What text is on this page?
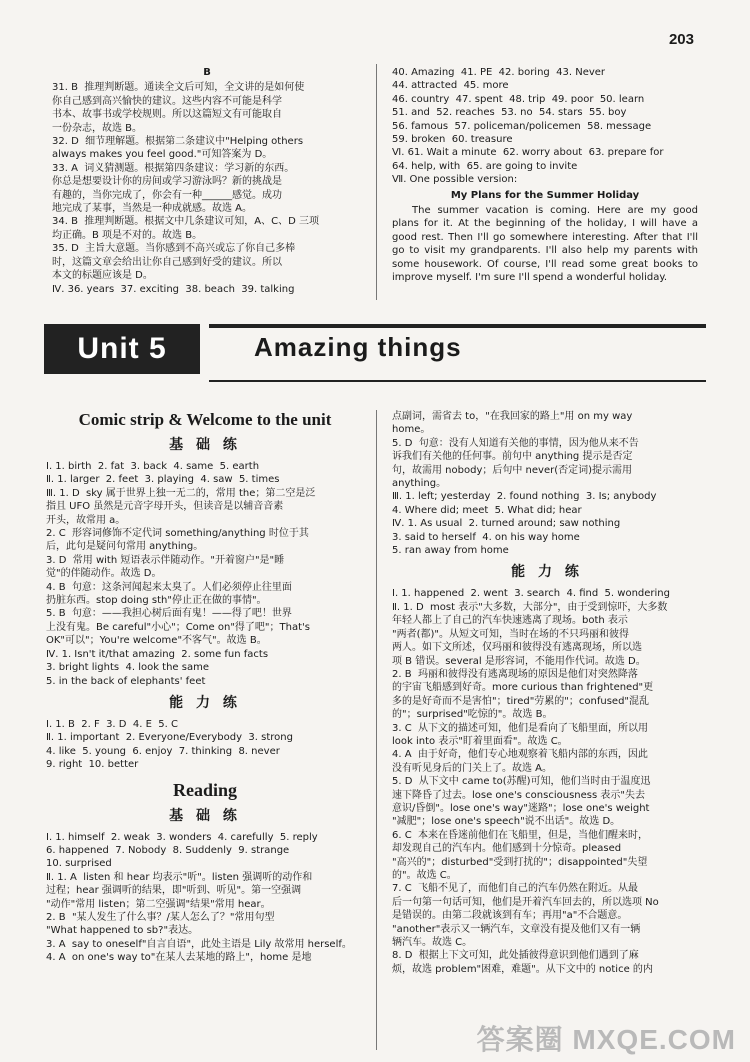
203
B

31. B  推理判断题。通读全文后可知，全文讲的是如何使

你自己感到高兴愉快的建议。这些内容不可能是科学

书本、故事书或学校规则。所以这篇短文有可能取自

一份杂志，故选 B。

32. D  细节理解题。根据第二条建议中"Helping others

always makes you feel good."可知答案为 D。

33. A  词义猜测题。根据第四条建议：学习新的东西。

你总是想要设计你的房间或学习游泳吗？新的挑战是

有趣的，当你完成了，你会有一种______感觉。成功

地完成了某事，当然是一种成就感。故选 A。

34. B  推理判断题。根据文中几条建议可知，A、C、D 三项

均正确。B 项是不对的。故选 B。

35. D  主旨大意题。当你感到不高兴或忘了你自己多棒

时，这篇文章会给出让你自己感到好受的建议。所以

本文的标题应该是 D。

Ⅳ. 36. years  37. exciting  38. beach  39. talking

40. Amazing  41. PE  42. boring  43. Never

44. attracted  45. more

46. country  47. spent  48. trip  49. poor  50. learn

51. and  52. reaches  53. no  54. stars  55. boy

56. famous  57. policeman/policemen  58. message

59. broken  60. treasure

Ⅵ. 61. Wait a minute  62. worry about  63. prepare for

64. help, with  65. are going to invite

Ⅶ. One possible version:

My Plans for the Summer Holiday

The summer vacation is coming. Here are my good plans for it. At the beginning of the holiday, I will have a good rest. Then I'll go somewhere interesting. After that I'll go to visit my grandparents. I'll also help my parents with some housework. Of course, I'll read some great books to improve myself. I'm sure I'll spend a wonderful holiday.

Unit 5	Amazing things
Comic strip & Welcome to the unit
基 础 练

Ⅰ. 1. birth  2. fat  3. back  4. same  5. earth

Ⅱ. 1. larger  2. feet  3. playing  4. saw  5. times

Ⅲ. 1. D  sky 属于世界上独一无二的，常用 the；第二空是泛

指且 UFO 虽然是元音字母开头，但读音是以辅音音素

开头，故常用 a。

2. C  形容词修饰不定代词 something/anything 时位于其

后，此句是疑问句常用 anything。

3. D  常用 with 短语表示伴随动作。"开着窗户"是"睡

觉"的伴随动作。故选 D。

4. B  句意：这条河闻起来太臭了。人们必须停止往里面

扔脏东西。stop doing sth"停止正在做的事情"。

5. B  句意：——我担心树后面有鬼！——得了吧！世界

上没有鬼。Be careful"小心"；Come on"得了吧"；That's

OK"可以"；You're welcome"不客气"。故选 B。

Ⅳ. 1. Isn't it/that amazing  2. some fun facts

3. bright lights  4. look the same

5. in the back of elephants' feet

能 力 练

Ⅰ. 1. B  2. F  3. D  4. E  5. C

Ⅱ. 1. important  2. Everyone/Everybody  3. strong

4. like  5. young  6. enjoy  7. thinking  8. never

9. right  10. better

Reading
基 础 练

Ⅰ. 1. himself  2. weak  3. wonders  4. carefully  5. reply

6. happened  7. Nobody  8. Suddenly  9. strange

10. surprised

Ⅱ. 1. A  listen 和 hear 均表示"听"。listen 强调听的动作和

过程；hear 强调听的结果，即"听到、听见"。第一空强调

"动作"常用 listen；第二空强调"结果"常用 hear。

2. B  "某人发生了什么事？/某人怎么了？"常用句型

"What happened to sb?"表达。

3. A  say to oneself"自言自语"，此处主语是 Lily 故常用 herself。

4. A  on one's way to"在某人去某地的路上"，home 是地

点副词，需省去 to，"在我回家的路上"用 on my way

home。

5. D  句意：没有人知道有关他的事情，因为他从来不告

诉我们有关他的任何事。前句中 anything 提示是否定

句，故需用 nobody；后句中 never(否定词)提示需用

anything。

Ⅲ. 1. left; yesterday  2. found nothing  3. Is; anybody

4. Where did; meet  5. What did; hear

Ⅳ. 1. As usual  2. turned around; saw nothing

3. said to herself  4. on his way home

5. ran away from home

能 力 练

Ⅰ. 1. happened  2. went  3. search  4. find  5. wondering

Ⅱ. 1. D  most 表示"大多数，大部分"，由于受到惊吓，大多数

年轻人都上了自己的汽车快速逃离了现场。both 表示

"两者(都)"。从短文可知，当时在场的不只玛丽和彼得

两人。如下文所述，仅玛丽和彼得没有逃离现场，所以选

项 B 错误。several 是形容词，不能用作代词。故选 D。

2. B  玛丽和彼得没有逃离现场的原因是他们对突然降落

的宇宙飞船感到好奇。more curious than frightened"更

多的是好奇而不是害怕"；tired"劳累的"；confused"混乱

的"；surprised"吃惊的"。故选 B。

3. C  从下文的描述可知，他们是看向了飞船里面，所以用

look into 表示"盯着里面看"。故选 C。

4. A  由于好奇，他们专心地观察着飞船内部的东西，因此

没有听见身后的门关上了。故选 A。

5. D  从下文中 came to(苏醒)可知，他们当时由于温度迅

速下降昏了过去。lose one's consciousness 表示"失去

意识/昏倒"。lose one's way"迷路"；lose one's weight

"减肥"；lose one's speech"说不出话"。故选 D。

6. C  本来在昏迷前他们在飞船里，但是，当他们醒来时，

却发现自己的汽车内。他们感到十分惊奇。pleased

"高兴的"；disturbed"受到打扰的"；disappointed"失望

的"。故选 C。

7. C  飞船不见了，而他们自己的汽车仍然在附近。从最

后一句第一句话可知，他们是开着汽车回去的，所以选项 No

是错误的。由第二段就该到有车；再用"a"不合题意。

"another"表示又一辆汽车，文章没有提及他们又有一辆

辆汽车。故选 C。

8. D  根据上下文可知，此处插彼得意识到他们遇到了麻

烦，故选 problem"困难，难题"。从下文中的 notice 的内

答案圈 MXQE.COM
